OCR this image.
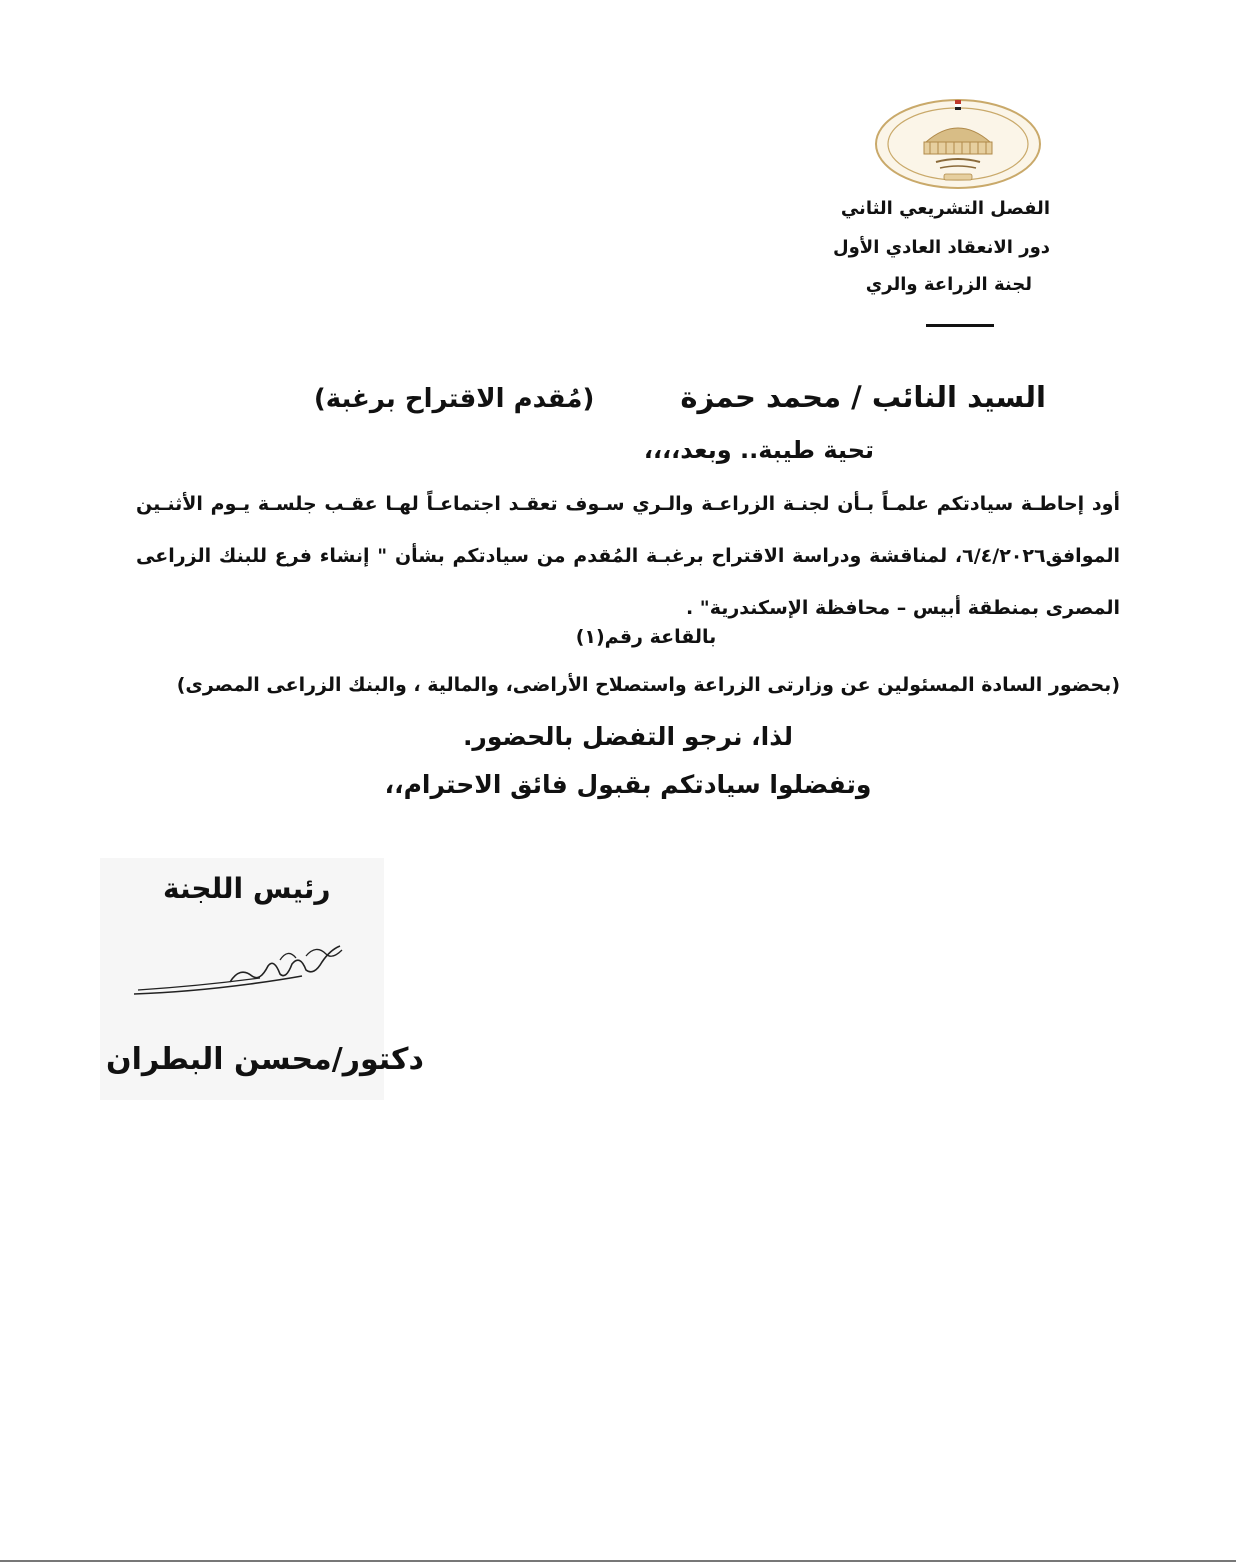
الفصل التشريعي الثاني
دور الانعقاد العادي الأول
لجنة الزراعة والري
السيد النائب / محمد حمزة(مُقدم الاقتراح برغبة)
تحية طيبة.. وبعد،،،،
أود إحاطـة سيادتكم علمـاً بـأن لجنـة الزراعـة والـري سـوف تعقـد اجتماعـاً لهـا عقـب جلسـة يـوم الأثنـين الموافق٦/٤/٢٠٢٦، لمناقشة ودراسة الاقتراح برغبـة المُقدم من سيادتكم بشأن " إنشاء فرع للبنك الزراعى المصرى بمنطقة أبيس – محافظة الإسكندرية" .
بالقاعة رقم(١)
(بحضور السادة المسئولين عن وزارتى الزراعة واستصلاح الأراضى، والمالية ، والبنك الزراعى المصرى)
لذا، نرجو التفضل بالحضور.
وتفضلوا سيادتكم بقبول فائق الاحترام،،
رئيس اللجنة
دكتور/محسن البطران
